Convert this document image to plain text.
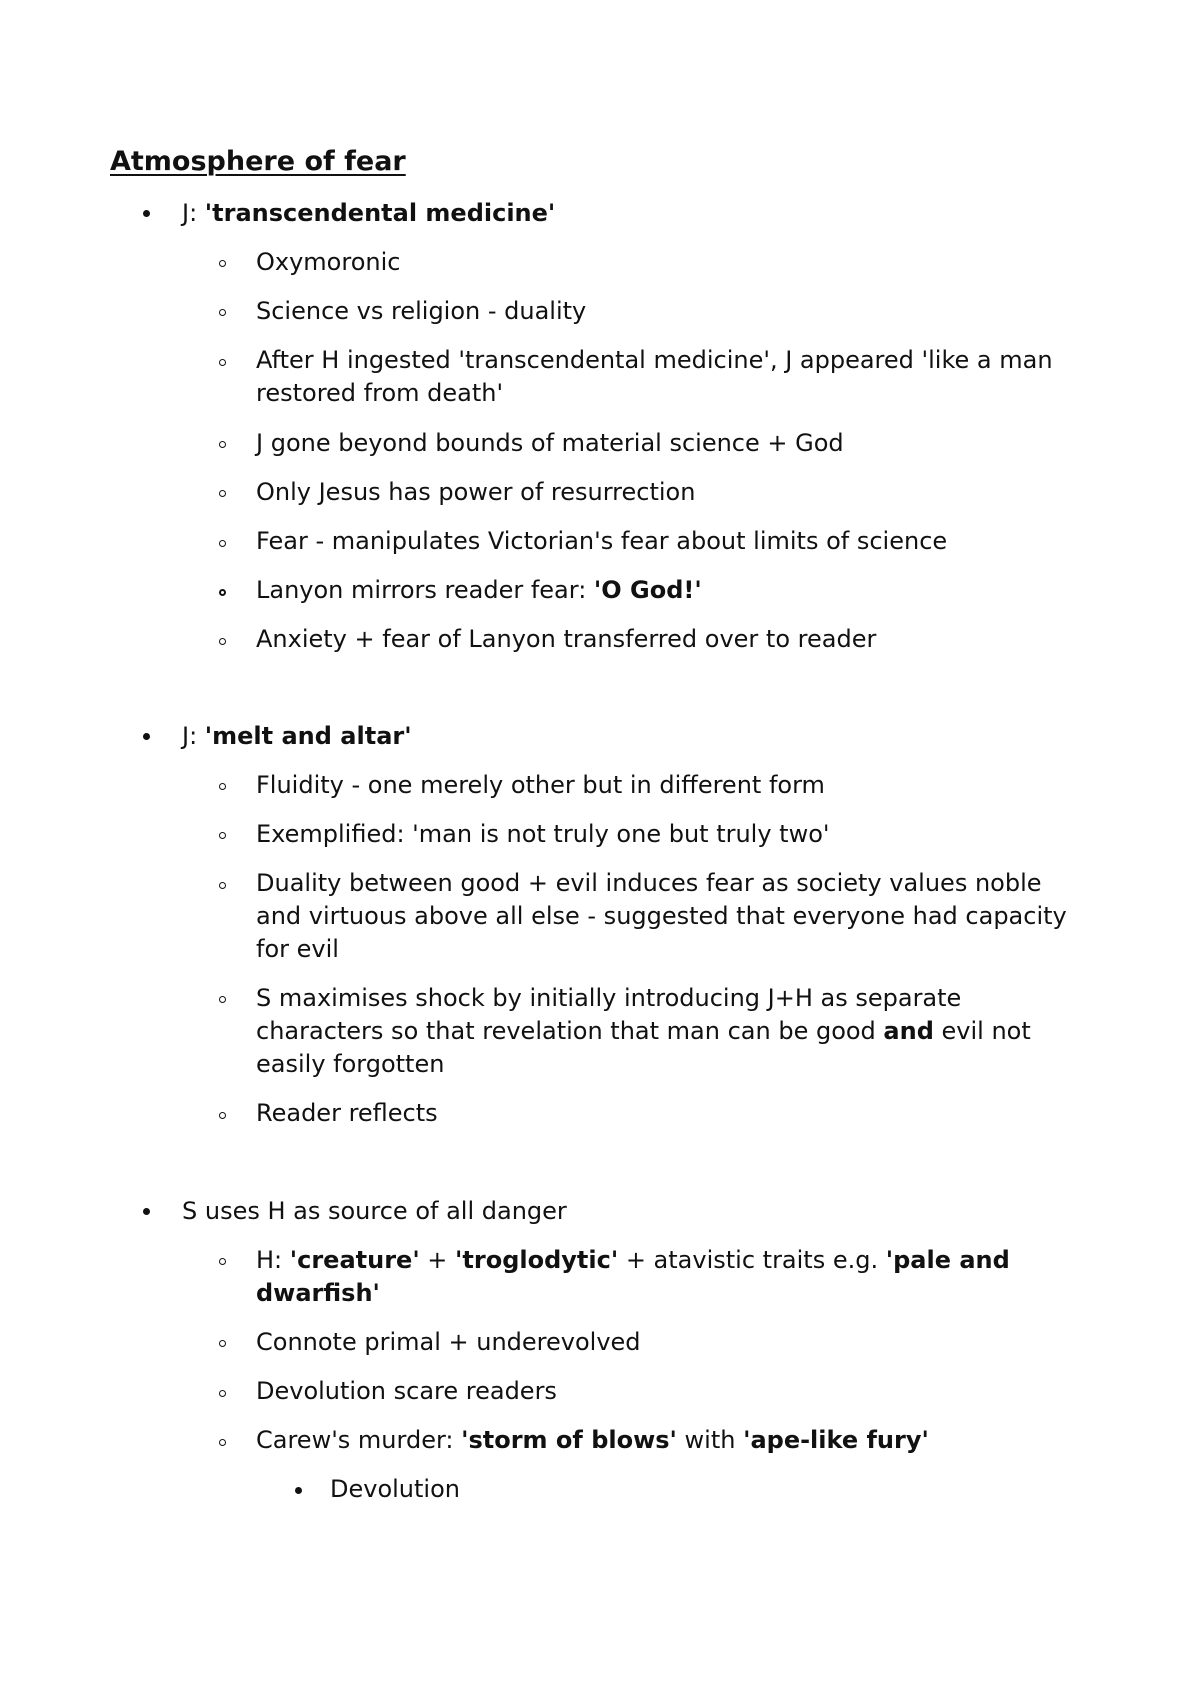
Atmosphere of fear

J: 'transcendental medicine'

Oxymoronic

Science vs religion - duality

After H ingested 'transcendental medicine', J appeared 'like a man

restored from death'

J gone beyond bounds of material science + God

Only Jesus has power of resurrection

Fear - manipulates Victorian's fear about limits of science

Lanyon mirrors reader fear: 'O God!'

Anxiety + fear of Lanyon transferred over to reader

J: 'melt and altar'

Fluidity - one merely other but in different form

Exemplified: 'man is not truly one but truly two'

Duality between good + evil induces fear as society values noble

and virtuous above all else - suggested that everyone had capacity

for evil

S maximises shock by initially introducing J+H as separate

characters so that revelation that man can be good and evil not

easily forgotten

Reader reflects

S uses H as source of all danger

H: 'creature' + 'troglodytic' + atavistic traits e.g. 'pale and

dwarfish'

Connote primal + underevolved

Devolution scare readers

Carew's murder: 'storm of blows' with 'ape-like fury'

Devolution
